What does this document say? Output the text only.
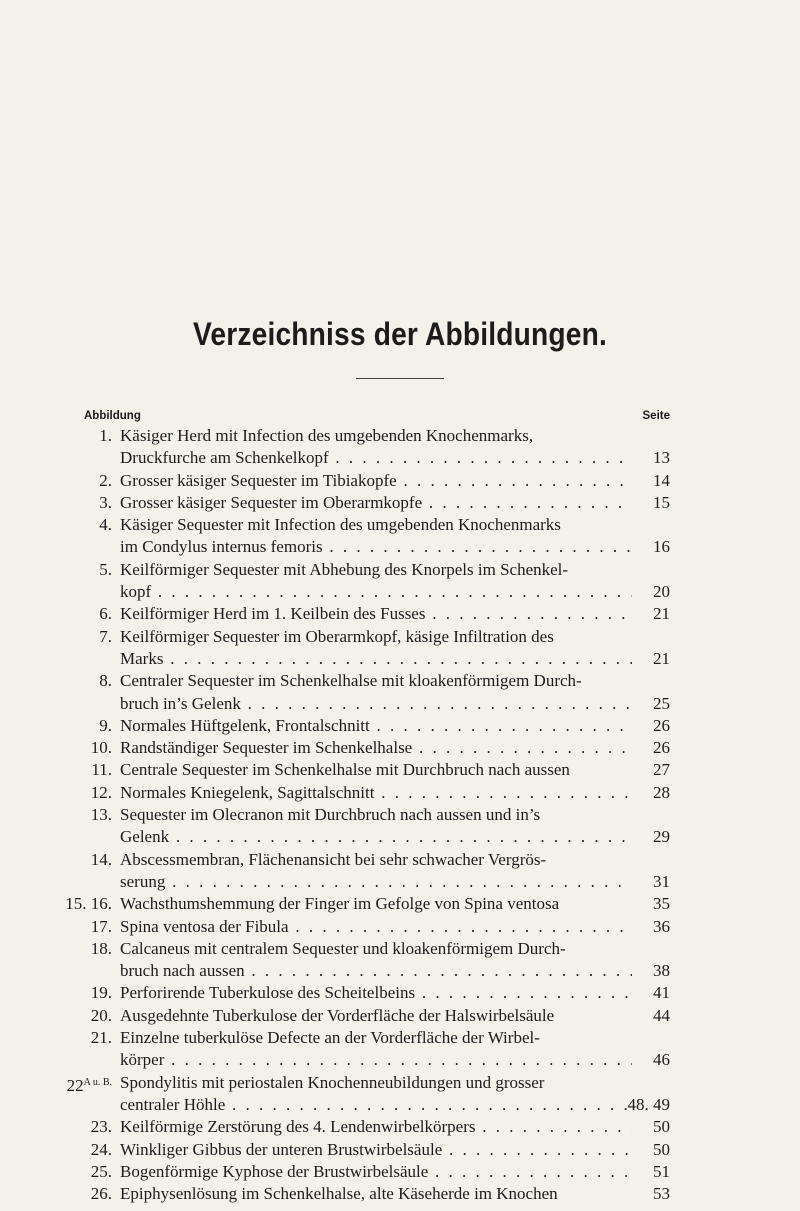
Verzeichniss der Abbildungen.
Abbildung	Seite
1. Käsiger Herd mit Infection des umgebenden Knochenmarks,
Druckfurche am Schenkelkopf . . .	13
2. Grosser käsiger Sequester im Tibiakopfe . . .	14
3. Grosser käsiger Sequester im Oberarmkopfe . . .	15
4. Käsiger Sequester mit Infection des umgebenden Knochenmarks
im Condylus internus femoris . . .	16
5. Keilförmiger Sequester mit Abhebung des Knorpels im Schenkel-
kopf . . .	20
6. Keilförmiger Herd im 1. Keilbein des Fusses . . .	21
7. Keilförmiger Sequester im Oberarmkopf, käsige Infiltration des
Marks . . .	21
8. Centraler Sequester im Schenkelhalse mit kloakenförmigem Durch-
bruch in’s Gelenk . . .	25
9. Normales Hüftgelenk, Frontalschnitt . . .	26
10. Randständiger Sequester im Schenkelhalse . . .	26
11. Centrale Sequester im Schenkelhalse mit Durchbruch nach aussen	27
12. Normales Kniegelenk, Sagittalschnitt . . .	28
13. Sequester im Olecranon mit Durchbruch nach aussen und in’s
Gelenk . . .	29
14. Abscessmembran, Flächenansicht bei sehr schwacher Vergrös-
serung . . .	31
15. 16. Wachsthumshemmung der Finger im Gefolge von Spina ventosa	35
17. Spina ventosa der Fibula . . .	36
18. Calcaneus mit centralem Sequester und kloakenförmigem Durch-
bruch nach aussen . . .	38
19. Perforirende Tuberkulose des Scheitelbeins . . .	41
20. Ausgedehnte Tuberkulose der Vorderfläche der Halswirbelsäule	44
21. Einzelne tuberkulöse Defecte an der Vorderfläche der Wirbel-
körper . . .	46
$22^{A u. B.}$ Spondylitis mit periostalen Knochenneubildungen und grosser
centraler Höhle . . .	48. 49
23. Keilförmige Zerstörung des 4. Lendenwirbelkörpers . . .	50
24. Winkliger Gibbus der unteren Brustwirbelsäule . . .	50
25. Bogenförmige Kyphose der Brustwirbelsäule . . .	51
26. Epiphysenlösung im Schenkelhalse, alte Käseherde im Knochen	53
